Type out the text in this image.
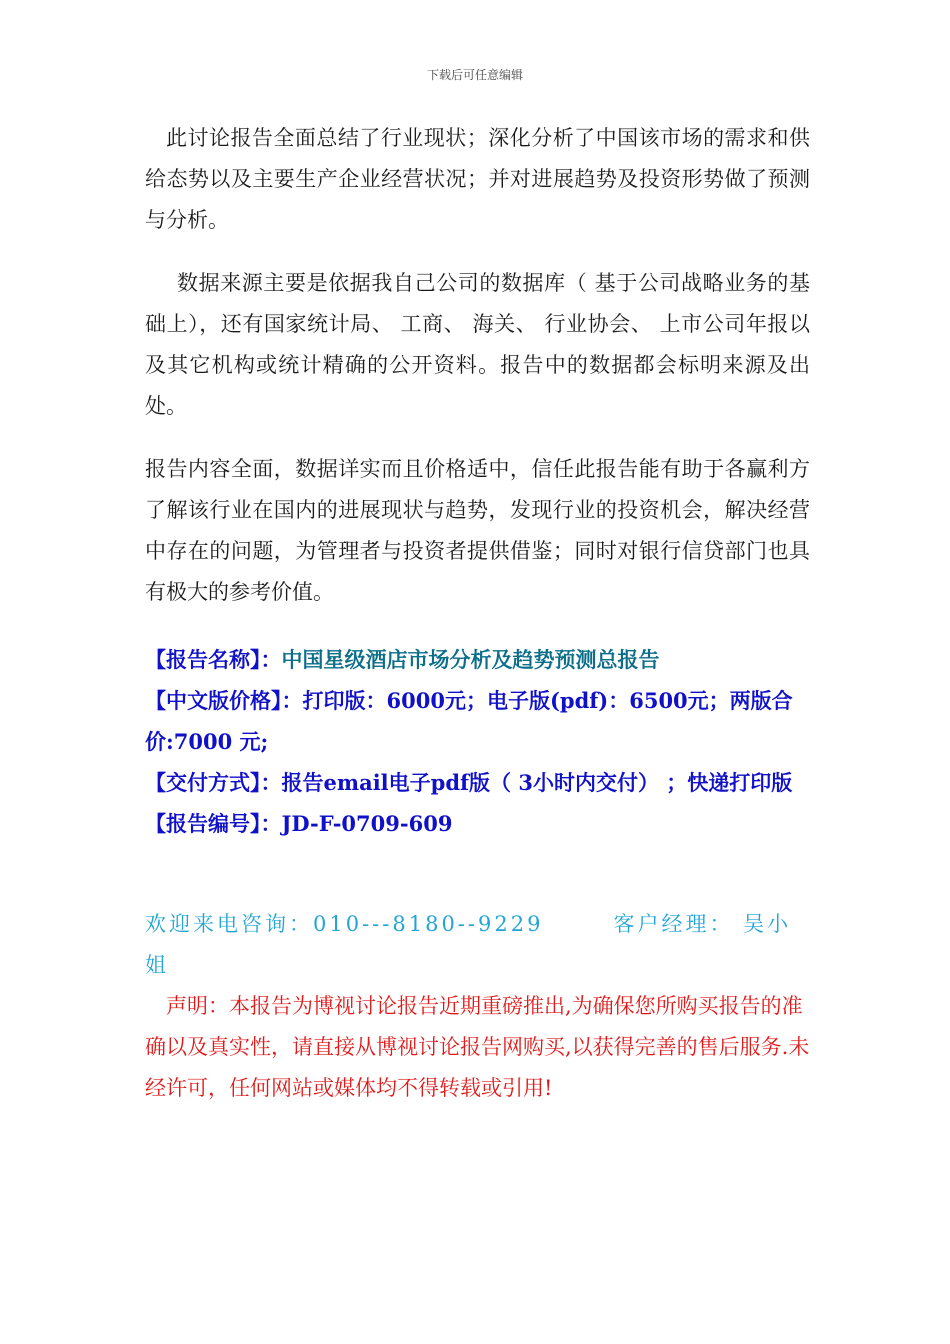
下载后可任意编辑

此讨论报告全面总结了行业现状；深化分析了中国该市场的需求和供给态势以及主要生产企业经营状况；并对进展趋势及投资形势做了预测与分析。

数据来源主要是依据我自己公司的数据库（ 基于公司战略业务的基础上），还有国家统计局、 工商、 海关、 行业协会、 上市公司年报以及其它机构或统计精确的公开资料。报告中的数据都会标明来源及出处。

报告内容全面，数据详实而且价格适中，信任此报告能有助于各赢利方了解该行业在国内的进展现状与趋势，发现行业的投资机会，解决经营中存在的问题，为管理者与投资者提供借鉴；同时对银行信贷部门也具有极大的参考价值。

【报告名称】：中国星级酒店市场分析及趋势预测总报告

【中文版价格】：打印版：6000元；电子版(pdf)：6500元；两版合价:7000 元;

【交付方式】：报告email电子pdf版（ 3小时内交付） ；快递打印版

【报告编号】：JD-F-0709-609

欢迎来电咨询：010---8180--9229	客户经理： 吴小姐

声明：本报告为博视讨论报告近期重磅推出,为确保您所购买报告的准确以及真实性，请直接从博视讨论报告网购买,以获得完善的售后服务.未经许可，任何网站或媒体均不得转载或引用!
